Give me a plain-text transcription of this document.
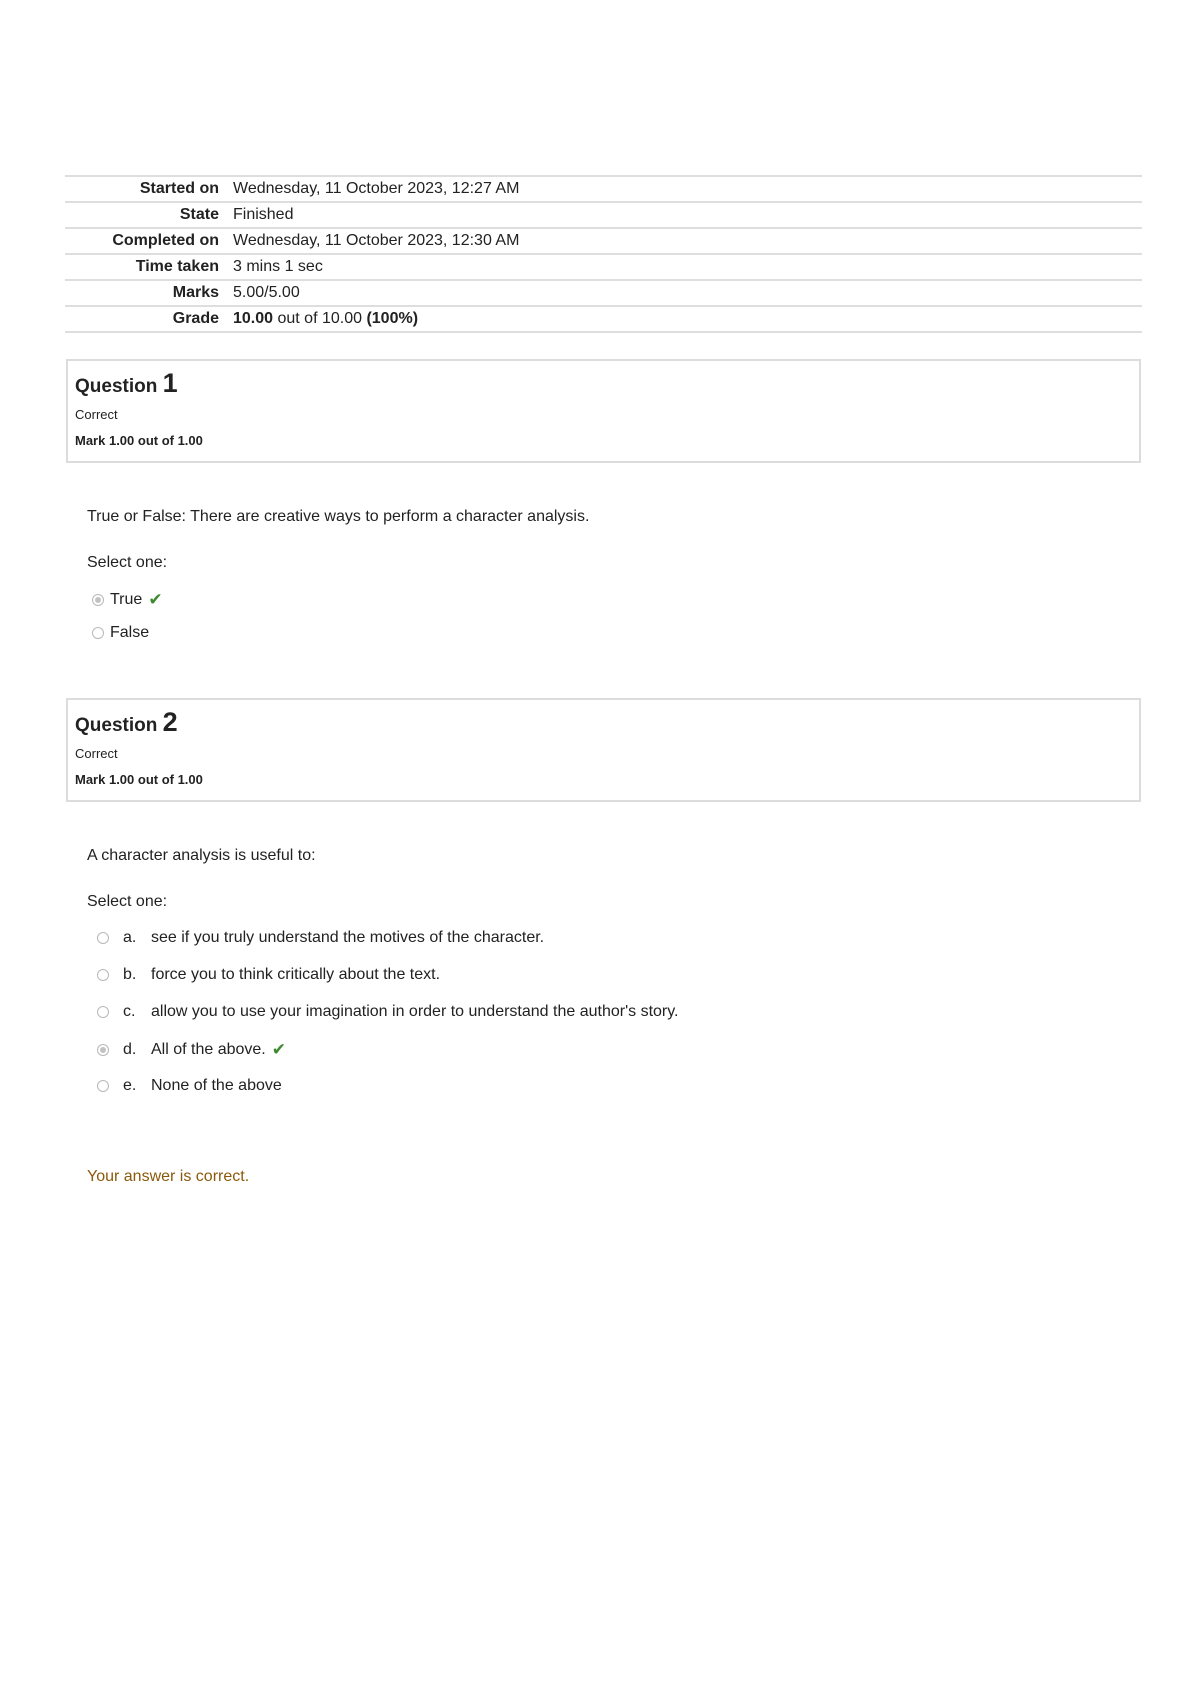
Started on	Wednesday, 11 October 2023, 12:27 AM
State	Finished
Completed on	Wednesday, 11 October 2023, 12:30 AM
Time taken	3 mins 1 sec
Marks	5.00/5.00
Grade	10.00 out of 10.00 (100%)
Question 1
Correct
Mark 1.00 out of 1.00
True or False: There are creative ways to perform a character analysis.
Select one:
True ✔
False
Question 2
Correct
Mark 1.00 out of 1.00
A character analysis is useful to:
Select one:
a. see if you truly understand the motives of the character.
b. force you to think critically about the text.
c. allow you to use your imagination in order to understand the author's story.
d. All of the above. ✔
e. None of the above
Your answer is correct.
